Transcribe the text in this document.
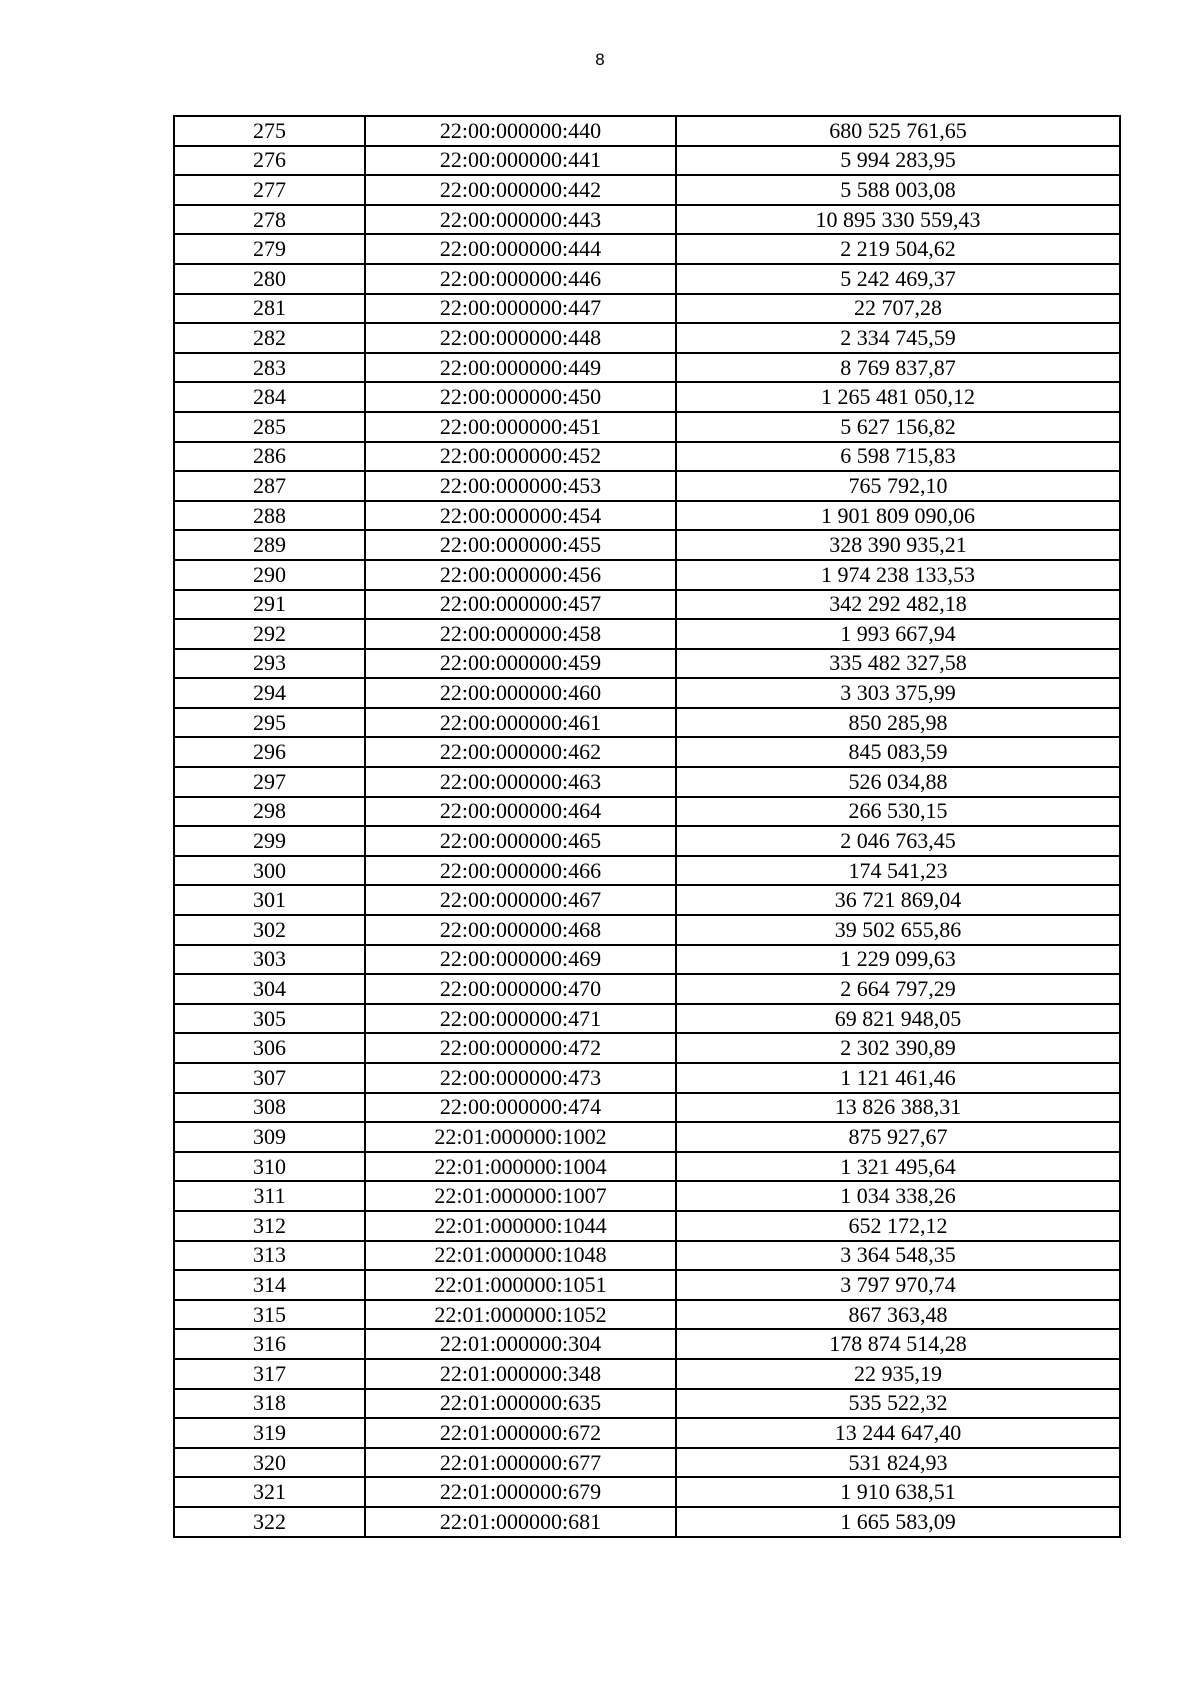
8
275	22:00:000000:440	680 525 761,65
276	22:00:000000:441	5 994 283,95
277	22:00:000000:442	5 588 003,08
278	22:00:000000:443	10 895 330 559,43
279	22:00:000000:444	2 219 504,62
280	22:00:000000:446	5 242 469,37
281	22:00:000000:447	22 707,28
282	22:00:000000:448	2 334 745,59
283	22:00:000000:449	8 769 837,87
284	22:00:000000:450	1 265 481 050,12
285	22:00:000000:451	5 627 156,82
286	22:00:000000:452	6 598 715,83
287	22:00:000000:453	765 792,10
288	22:00:000000:454	1 901 809 090,06
289	22:00:000000:455	328 390 935,21
290	22:00:000000:456	1 974 238 133,53
291	22:00:000000:457	342 292 482,18
292	22:00:000000:458	1 993 667,94
293	22:00:000000:459	335 482 327,58
294	22:00:000000:460	3 303 375,99
295	22:00:000000:461	850 285,98
296	22:00:000000:462	845 083,59
297	22:00:000000:463	526 034,88
298	22:00:000000:464	266 530,15
299	22:00:000000:465	2 046 763,45
300	22:00:000000:466	174 541,23
301	22:00:000000:467	36 721 869,04
302	22:00:000000:468	39 502 655,86
303	22:00:000000:469	1 229 099,63
304	22:00:000000:470	2 664 797,29
305	22:00:000000:471	69 821 948,05
306	22:00:000000:472	2 302 390,89
307	22:00:000000:473	1 121 461,46
308	22:00:000000:474	13 826 388,31
309	22:01:000000:1002	875 927,67
310	22:01:000000:1004	1 321 495,64
311	22:01:000000:1007	1 034 338,26
312	22:01:000000:1044	652 172,12
313	22:01:000000:1048	3 364 548,35
314	22:01:000000:1051	3 797 970,74
315	22:01:000000:1052	867 363,48
316	22:01:000000:304	178 874 514,28
317	22:01:000000:348	22 935,19
318	22:01:000000:635	535 522,32
319	22:01:000000:672	13 244 647,40
320	22:01:000000:677	531 824,93
321	22:01:000000:679	1 910 638,51
322	22:01:000000:681	1 665 583,09
